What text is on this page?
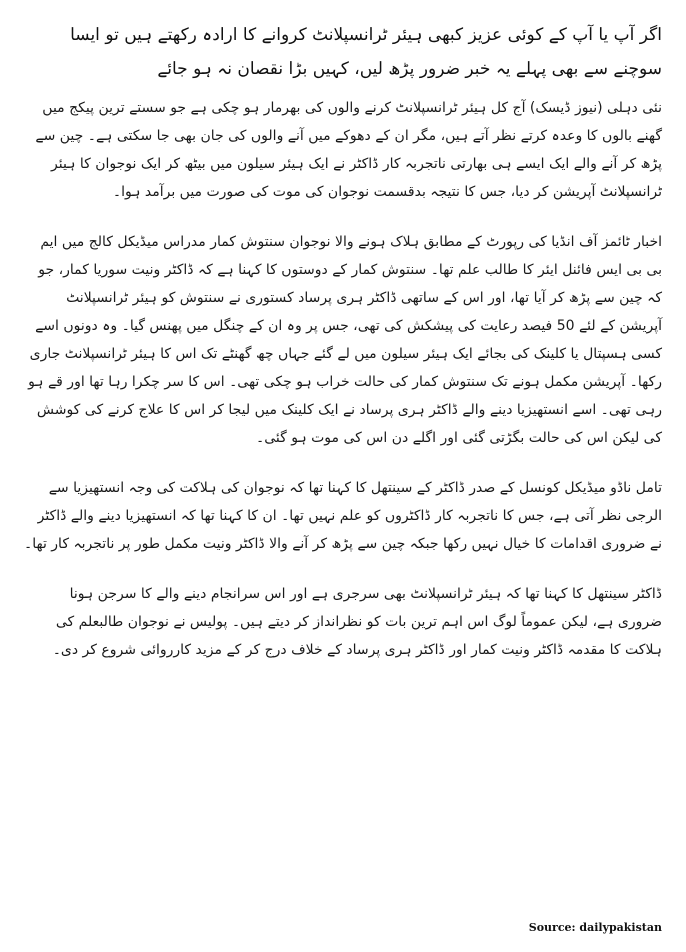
اگر آپ یا آپ کے کوئی عزیز کبھی ہیئر ٹرانسپلانٹ کروانے کا ارادہ رکھتے ہیں تو ایسا سوچنے سے بھی پہلے یہ خبر ضرور پڑھ لیں، کہیں بڑا نقصان نہ ہو جائے

نئی دہلی (نیوز ڈیسک) آج کل ہیئر ٹرانسپلانٹ کرنے والوں کی بھرمار ہو چکی ہے جو سستے ترین پیکج میں گھنے بالوں کا وعدہ کرتے نظر آتے ہیں، مگر ان کے دھوکے میں آنے والوں کی جان بھی جا سکتی ہے۔ چین سے پڑھ کر آنے والے ایک ایسے ہی بھارتی ناتجربہ کار ڈاکٹر نے ایک ہیئر سیلون میں بیٹھ کر ایک نوجوان کا ہیئر ٹرانسپلانٹ آپریشن کر دیا، جس کا نتیجہ بدقسمت نوجوان کی موت کی صورت میں برآمد ہوا۔

اخبار ٹائمز آف انڈیا کی رپورٹ کے مطابق ہلاک ہونے والا نوجوان سنتوش کمار مدراس میڈیکل کالج میں ایم بی بی ایس فائنل ایئر کا طالب علم تھا۔ سنتوش کمار کے دوستوں کا کہنا ہے کہ ڈاکٹر ونیت سوریا کمار، جو کہ چین سے پڑھ کر آیا تھا، اور اس کے ساتھی ڈاکٹر ہری پرساد کستوری نے سنتوش کو ہیئر ٹرانسپلانٹ آپریشن کے لئے 50 فیصد رعایت کی پیشکش کی تھی، جس پر وہ ان کے چنگل میں پھنس گیا۔ وہ دونوں اسے کسی ہسپتال یا کلینک کی بجائے ایک ہیئر سیلون میں لے گئے جہاں چھ گھنٹے تک اس کا ہیئر ٹرانسپلانٹ جاری رکھا۔ آپریشن مکمل ہونے تک سنتوش کمار کی حالت خراب ہو چکی تھی۔ اس کا سر چکرا رہا تھا اور قے ہو رہی تھی۔ اسے انستھیزیا دینے والے ڈاکٹر ہری پرساد نے ایک کلینک میں لیجا کر اس کا علاج کرنے کی کوشش کی لیکن اس کی حالت بگڑتی گئی اور اگلے دن اس کی موت ہو گئی۔

تامل ناڈو میڈیکل کونسل کے صدر ڈاکٹر کے سینتھل کا کہنا تھا کہ نوجوان کی ہلاکت کی وجہ انستھیزیا سے الرجی نظر آتی ہے، جس کا ناتجربہ کار ڈاکٹروں کو علم نہیں تھا۔ ان کا کہنا تھا کہ انستھیزیا دینے والے ڈاکٹر نے ضروری اقدامات کا خیال نہیں رکھا جبکہ چین سے پڑھ کر آنے والا ڈاکٹر ونیت مکمل طور پر ناتجربہ کار تھا۔

ڈاکٹر سینتھل کا کہنا تھا کہ ہیئر ٹرانسپلانٹ بھی سرجری ہے اور اس سرانجام دینے والے کا سرجن ہونا ضروری ہے، لیکن عموماً لوگ اس اہم ترین بات کو نظرانداز کر دیتے ہیں۔ پولیس نے نوجوان طالبعلم کی ہلاکت کا مقدمہ ڈاکٹر ونیت کمار اور ڈاکٹر ہری پرساد کے خلاف درج کر کے مزید کارروائی شروع کر دی۔

Source: dailypakistan
